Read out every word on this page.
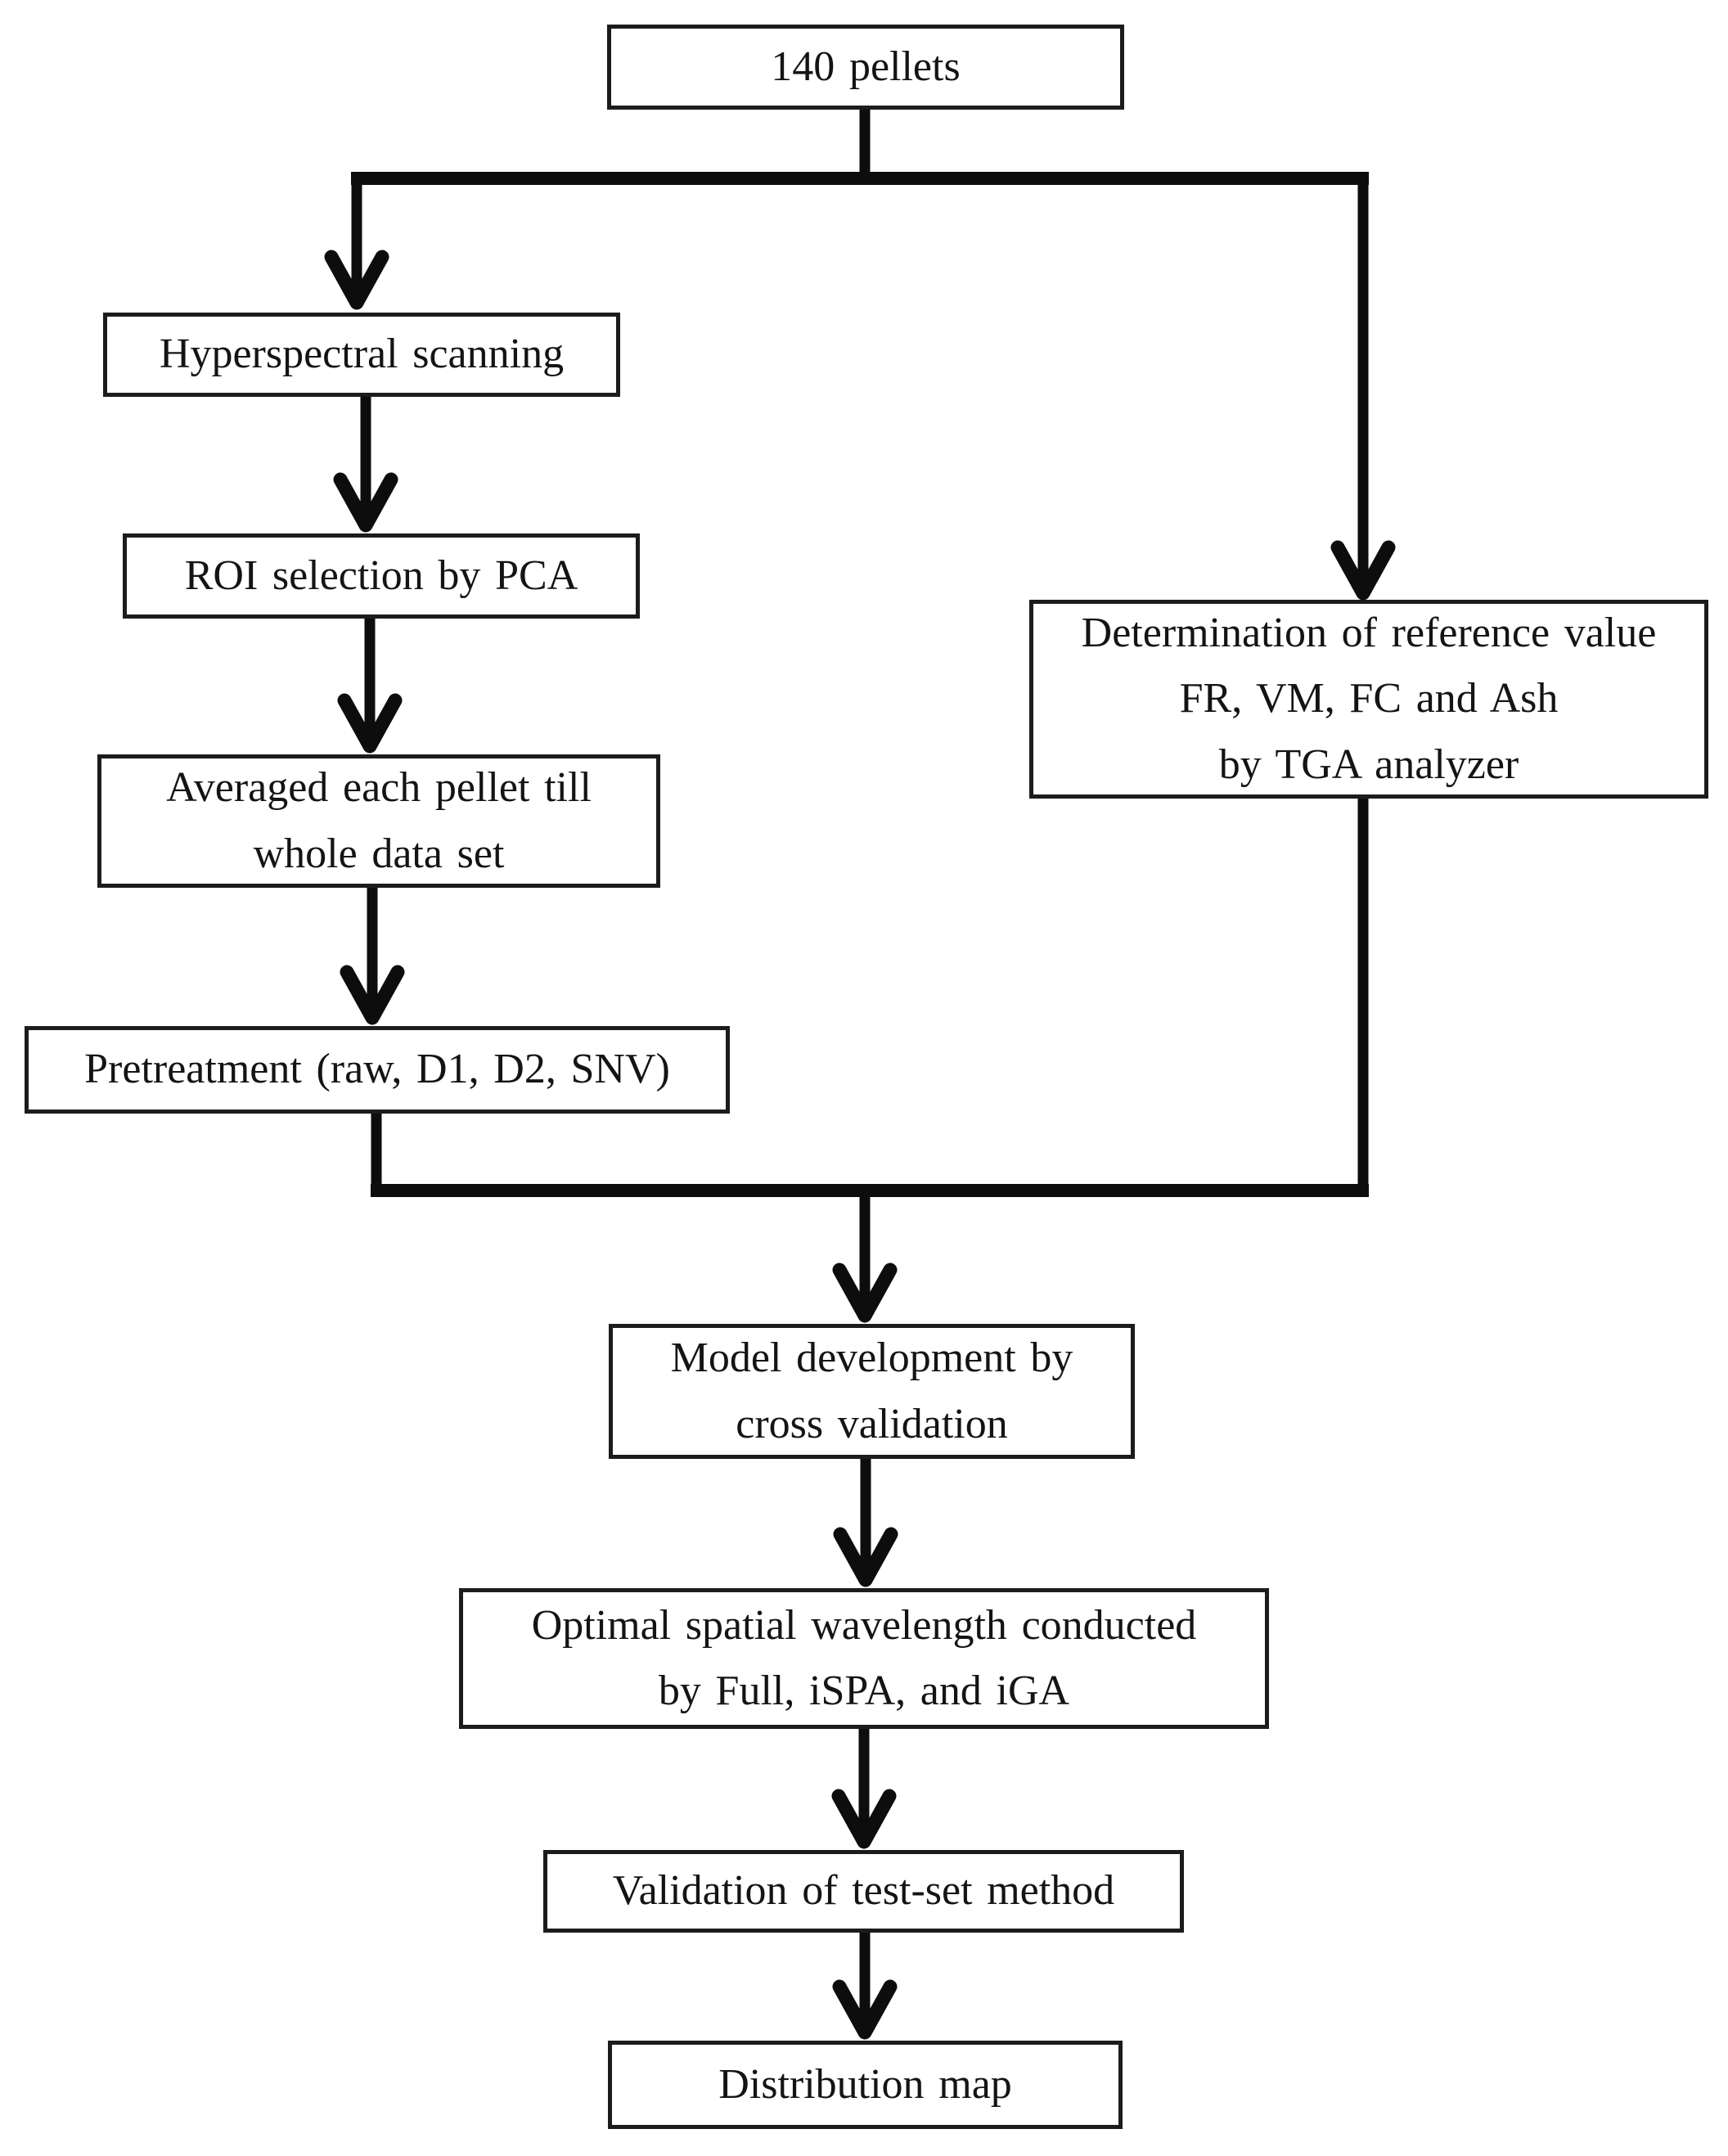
140 pellets
Hyperspectral scanning
ROI selection by PCA
Averaged each pellet till
whole data set
Pretreatment (raw, D1, D2, SNV)
Determination of reference value
FR, VM, FC and Ash
by TGA analyzer
Model development by
cross validation
Optimal spatial wavelength conducted
by Full, iSPA, and iGA
Validation of test-set method
Distribution map
